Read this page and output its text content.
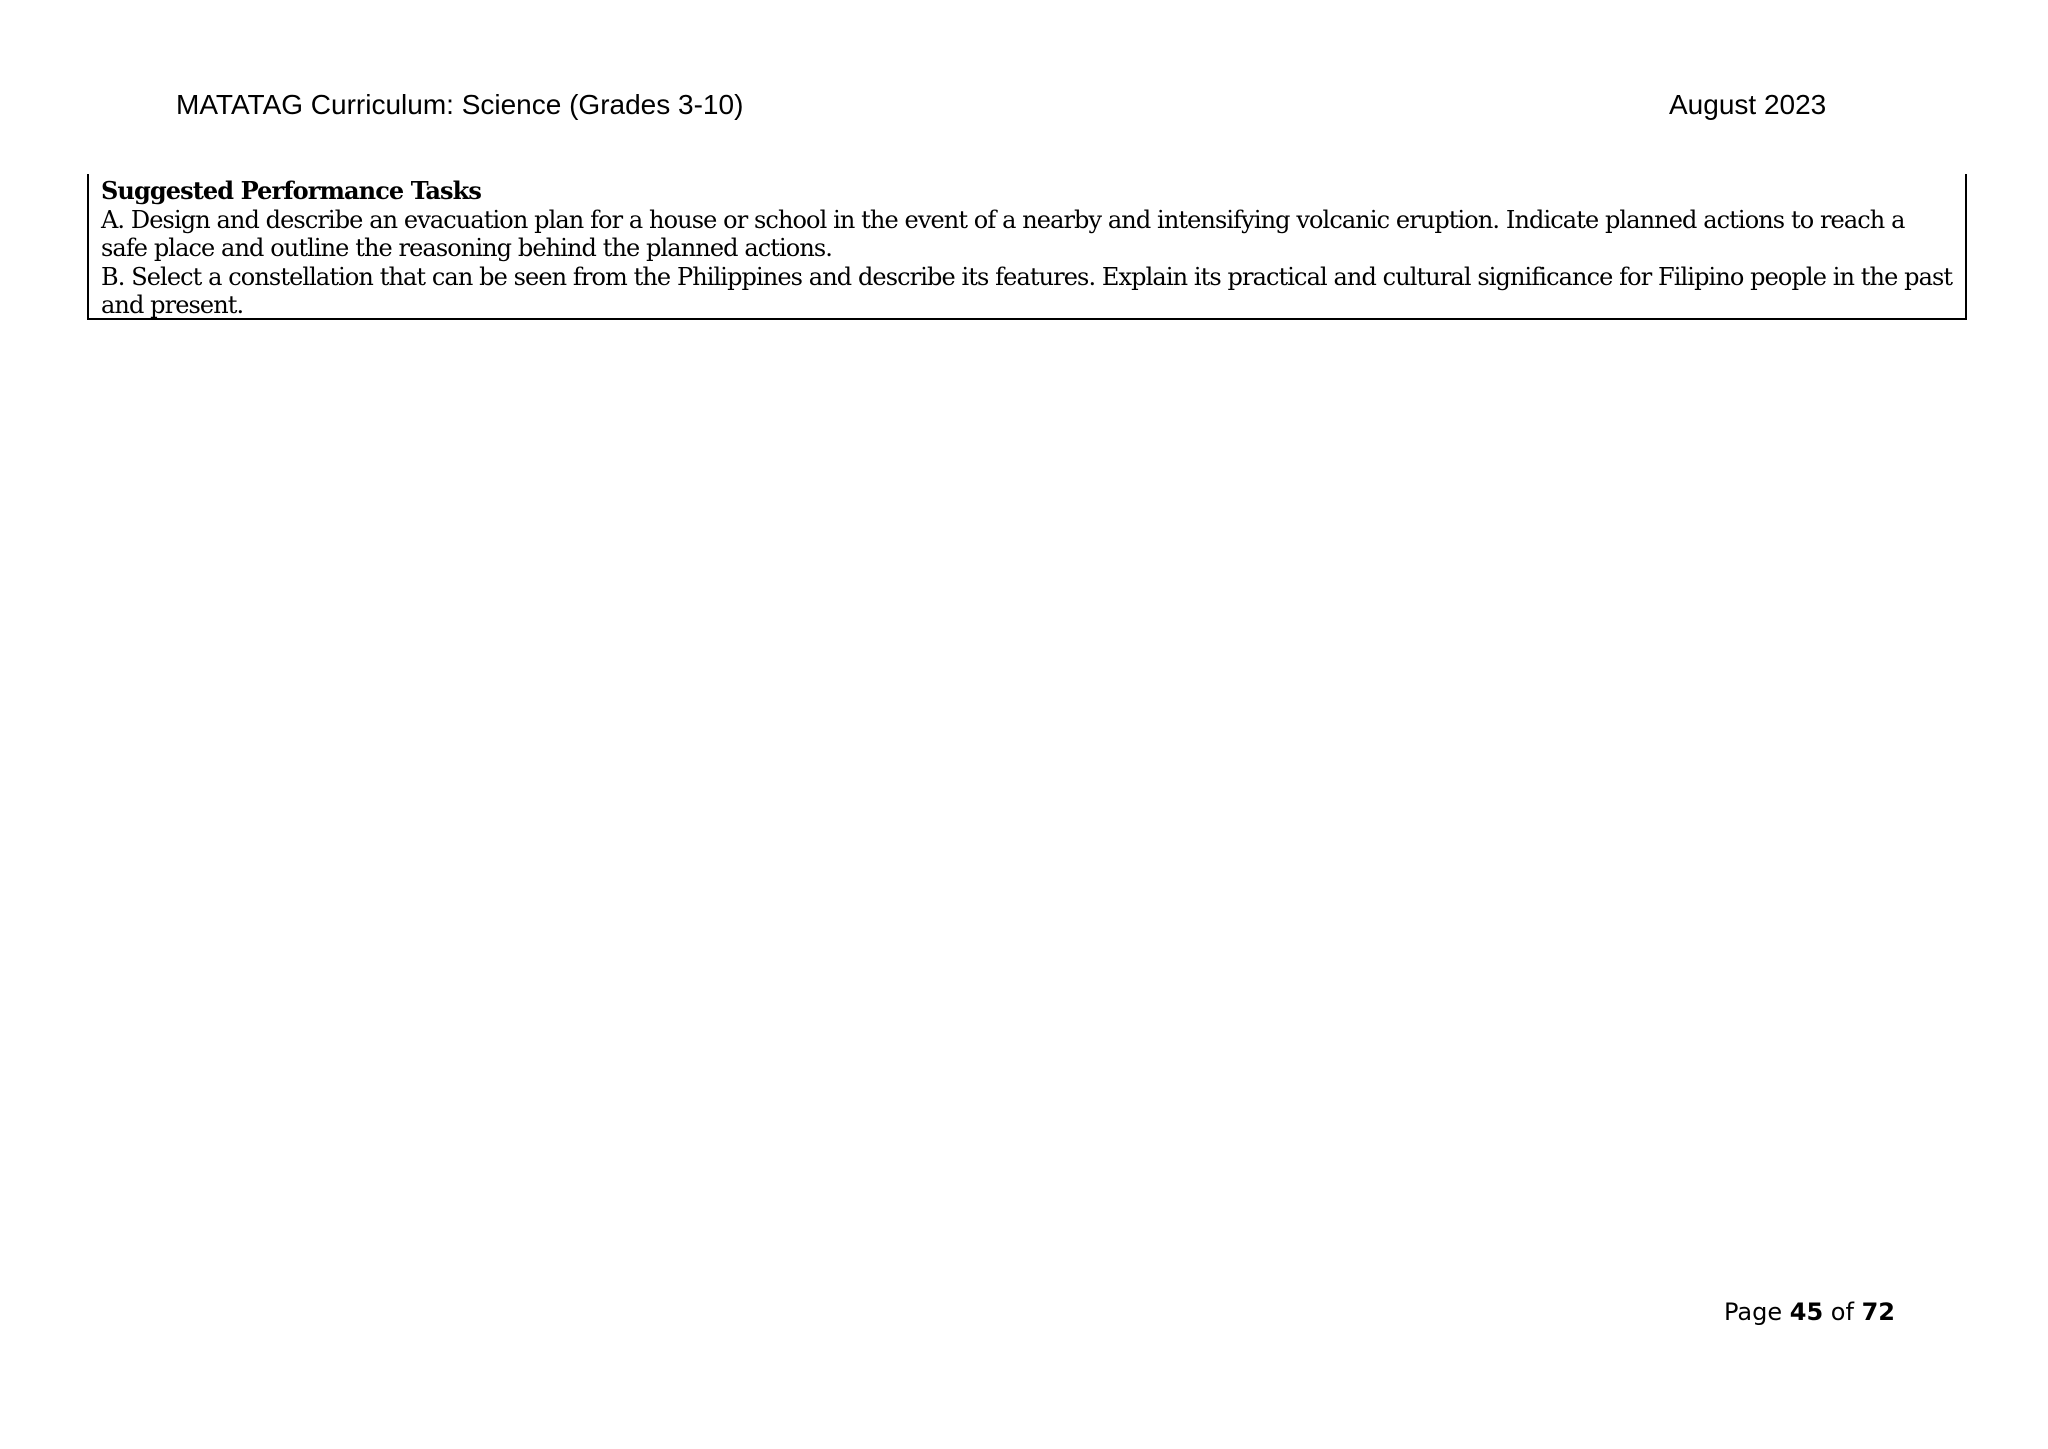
MATATAG Curriculum: Science (Grades 3-10)	August 2023
Suggested Performance Tasks
A. Design and describe an evacuation plan for a house or school in the event of a nearby and intensifying volcanic eruption. Indicate planned actions to reach a safe place and outline the reasoning behind the planned actions.
B. Select a constellation that can be seen from the Philippines and describe its features. Explain its practical and cultural significance for Filipino people in the past and present.
Page 45 of 72
